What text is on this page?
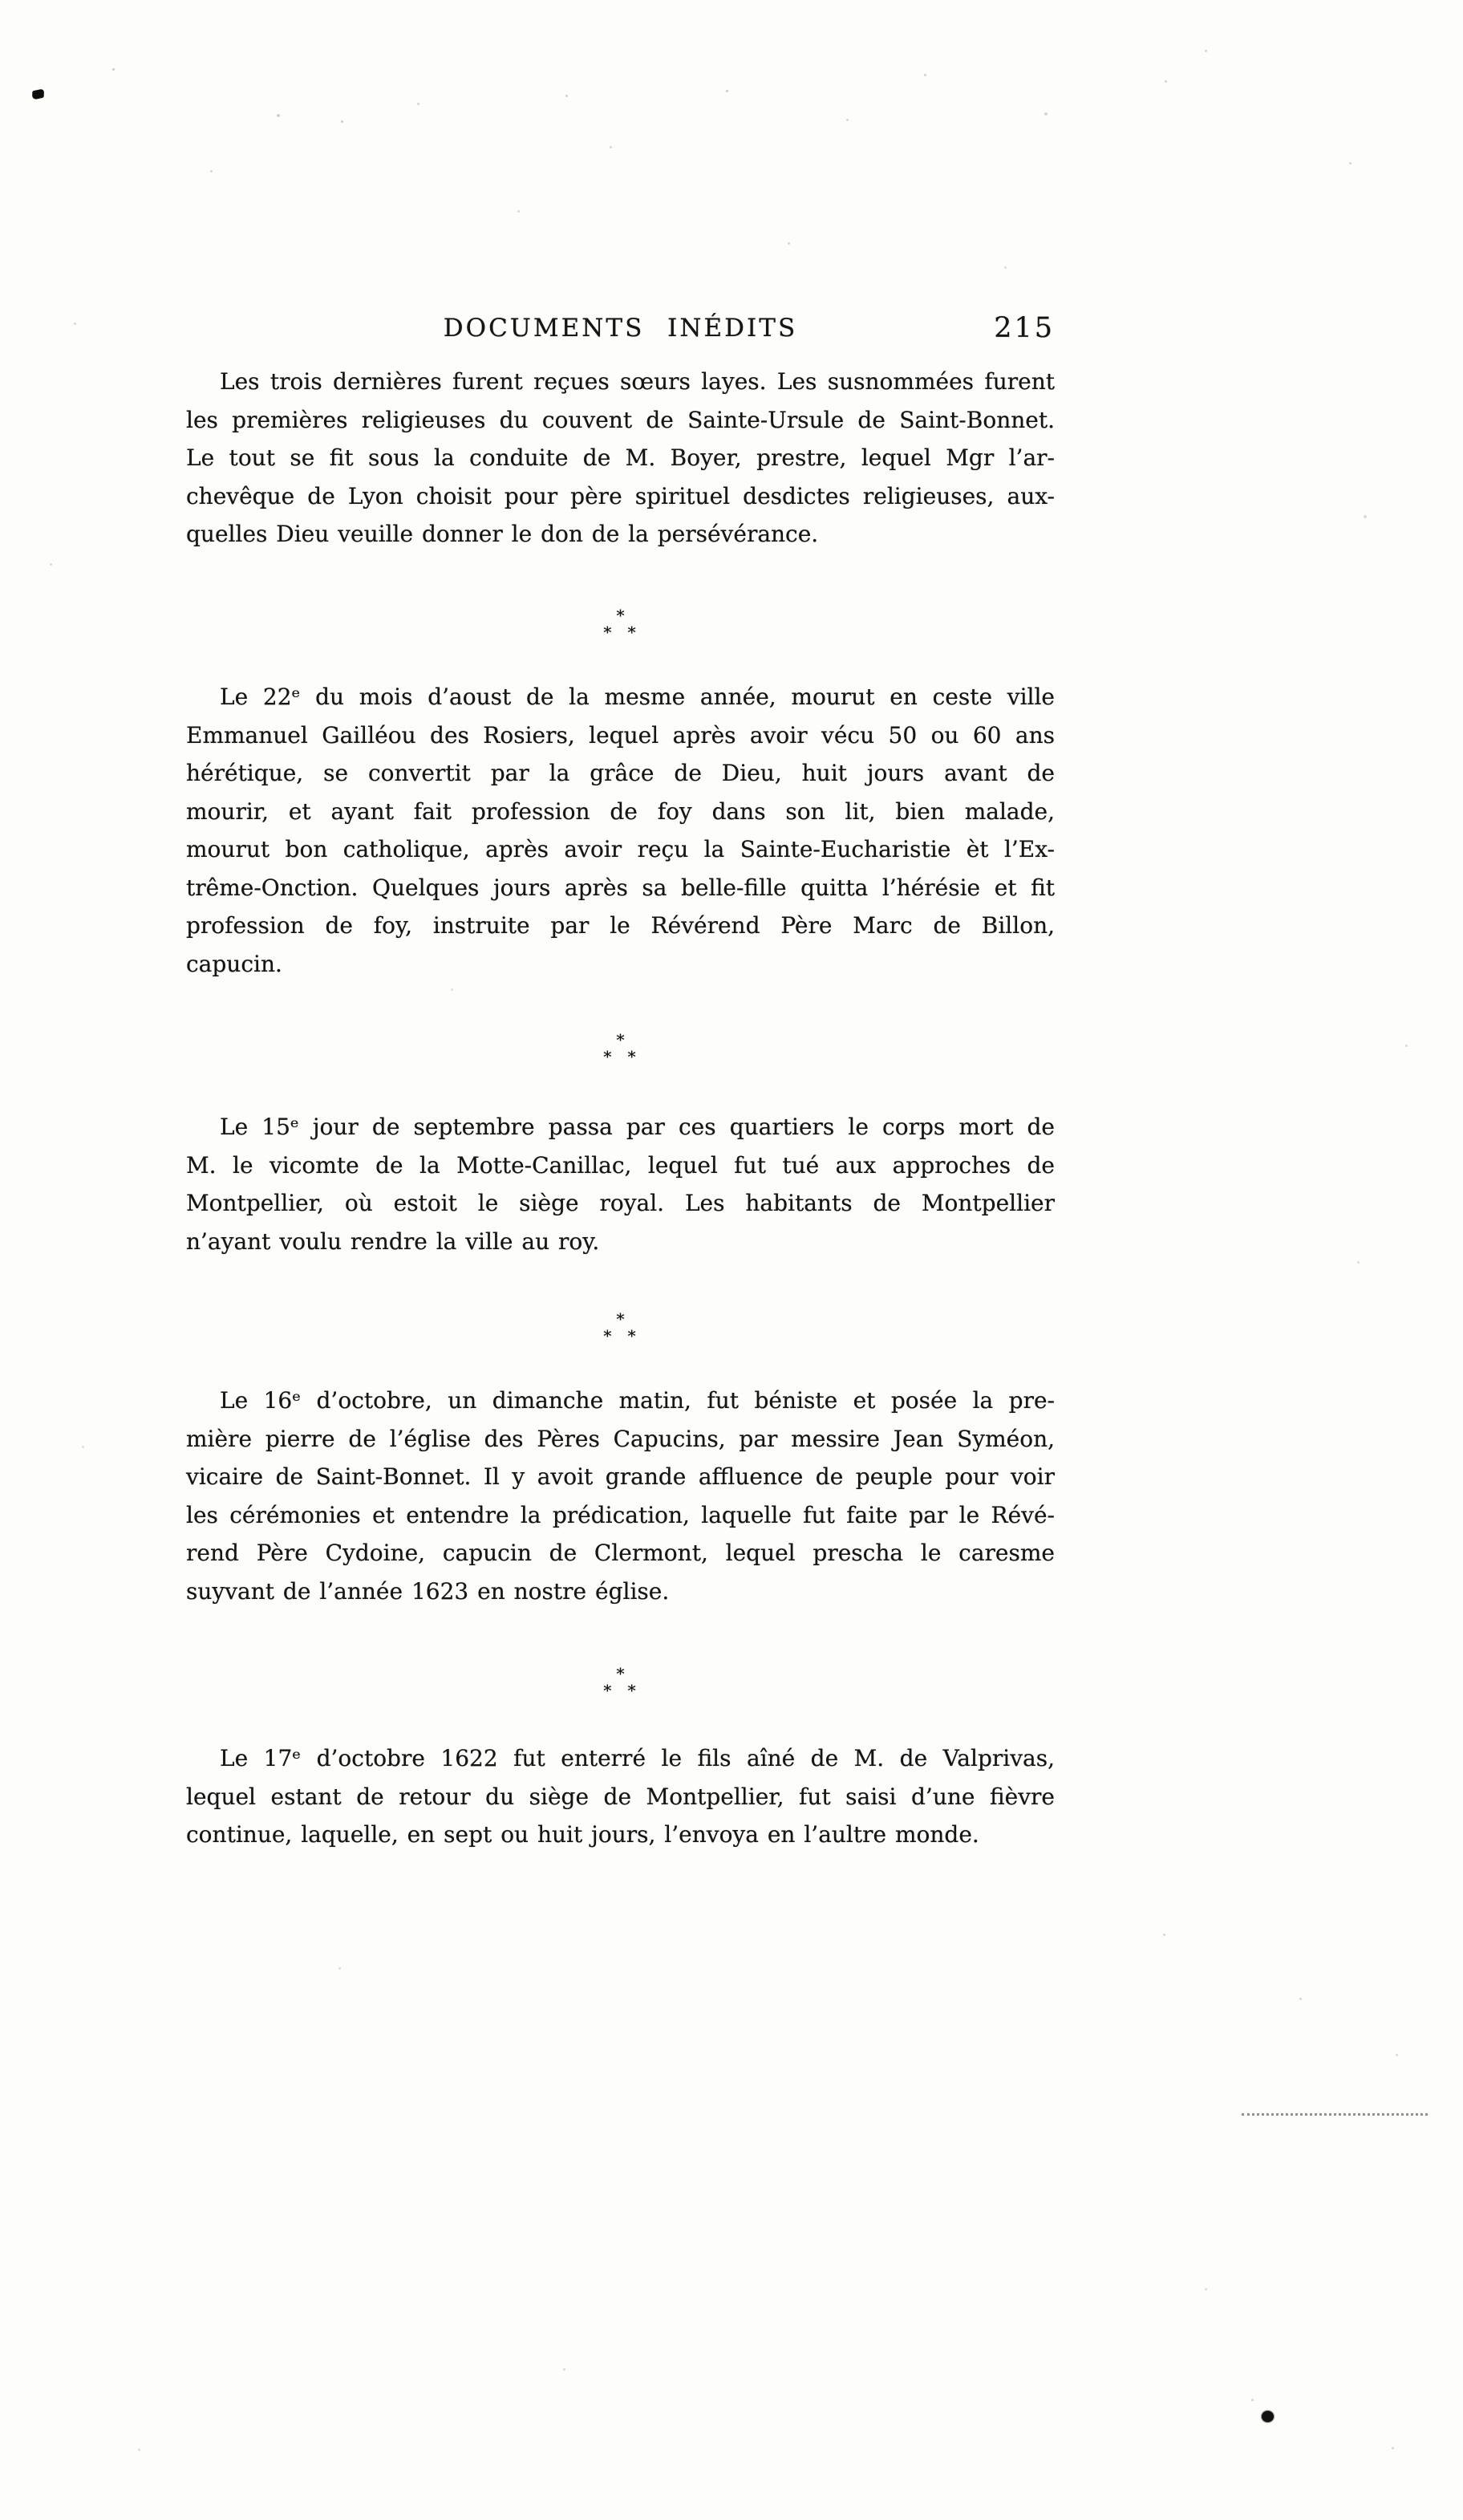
DOCUMENTS INÉDITS	215
Les trois dernières furent reçues sœurs layes. Les susnommées furent
les premières religieuses du couvent de Sainte-Ursule de Saint-Bonnet.
Le tout se fit sous la conduite de M. Boyer, prestre, lequel Mgr l’ar-
chevêque de Lyon choisit pour père spirituel desdictes religieuses, aux-
quelles Dieu veuille donner le don de la persévérance.
*
* *
Le 22ᵉ du mois d’aoust de la mesme année, mourut en ceste ville
Emmanuel Gailléou des Rosiers, lequel après avoir vécu 50 ou 60 ans
hérétique, se convertit par la grâce de Dieu, huit jours avant de
mourir, et ayant fait profession de foy dans son lit, bien malade,
mourut bon catholique, après avoir reçu la Sainte-Eucharistie èt l’Ex-
trême-Onction. Quelques jours après sa belle-fille quitta l’hérésie et fit
profession de foy, instruite par le Révérend Père Marc de Billon,
capucin.
*
* *
Le 15ᵉ jour de septembre passa par ces quartiers le corps mort de
M. le vicomte de la Motte-Canillac, lequel fut tué aux approches de
Montpellier, où estoit le siège royal. Les habitants de Montpellier
n’ayant voulu rendre la ville au roy.
*
* *
Le 16ᵉ d’octobre, un dimanche matin, fut béniste et posée la pre-
mière pierre de l’église des Pères Capucins, par messire Jean Syméon,
vicaire de Saint-Bonnet. Il y avoit grande affluence de peuple pour voir
les cérémonies et entendre la prédication, laquelle fut faite par le Révé-
rend Père Cydoine, capucin de Clermont, lequel prescha le caresme
suyvant de l’année 1623 en nostre église.
*
* *
Le 17ᵉ d’octobre 1622 fut enterré le fils aîné de M. de Valprivas,
lequel estant de retour du siège de Montpellier, fut saisi d’une fièvre
continue, laquelle, en sept ou huit jours, l’envoya en l’aultre monde.
